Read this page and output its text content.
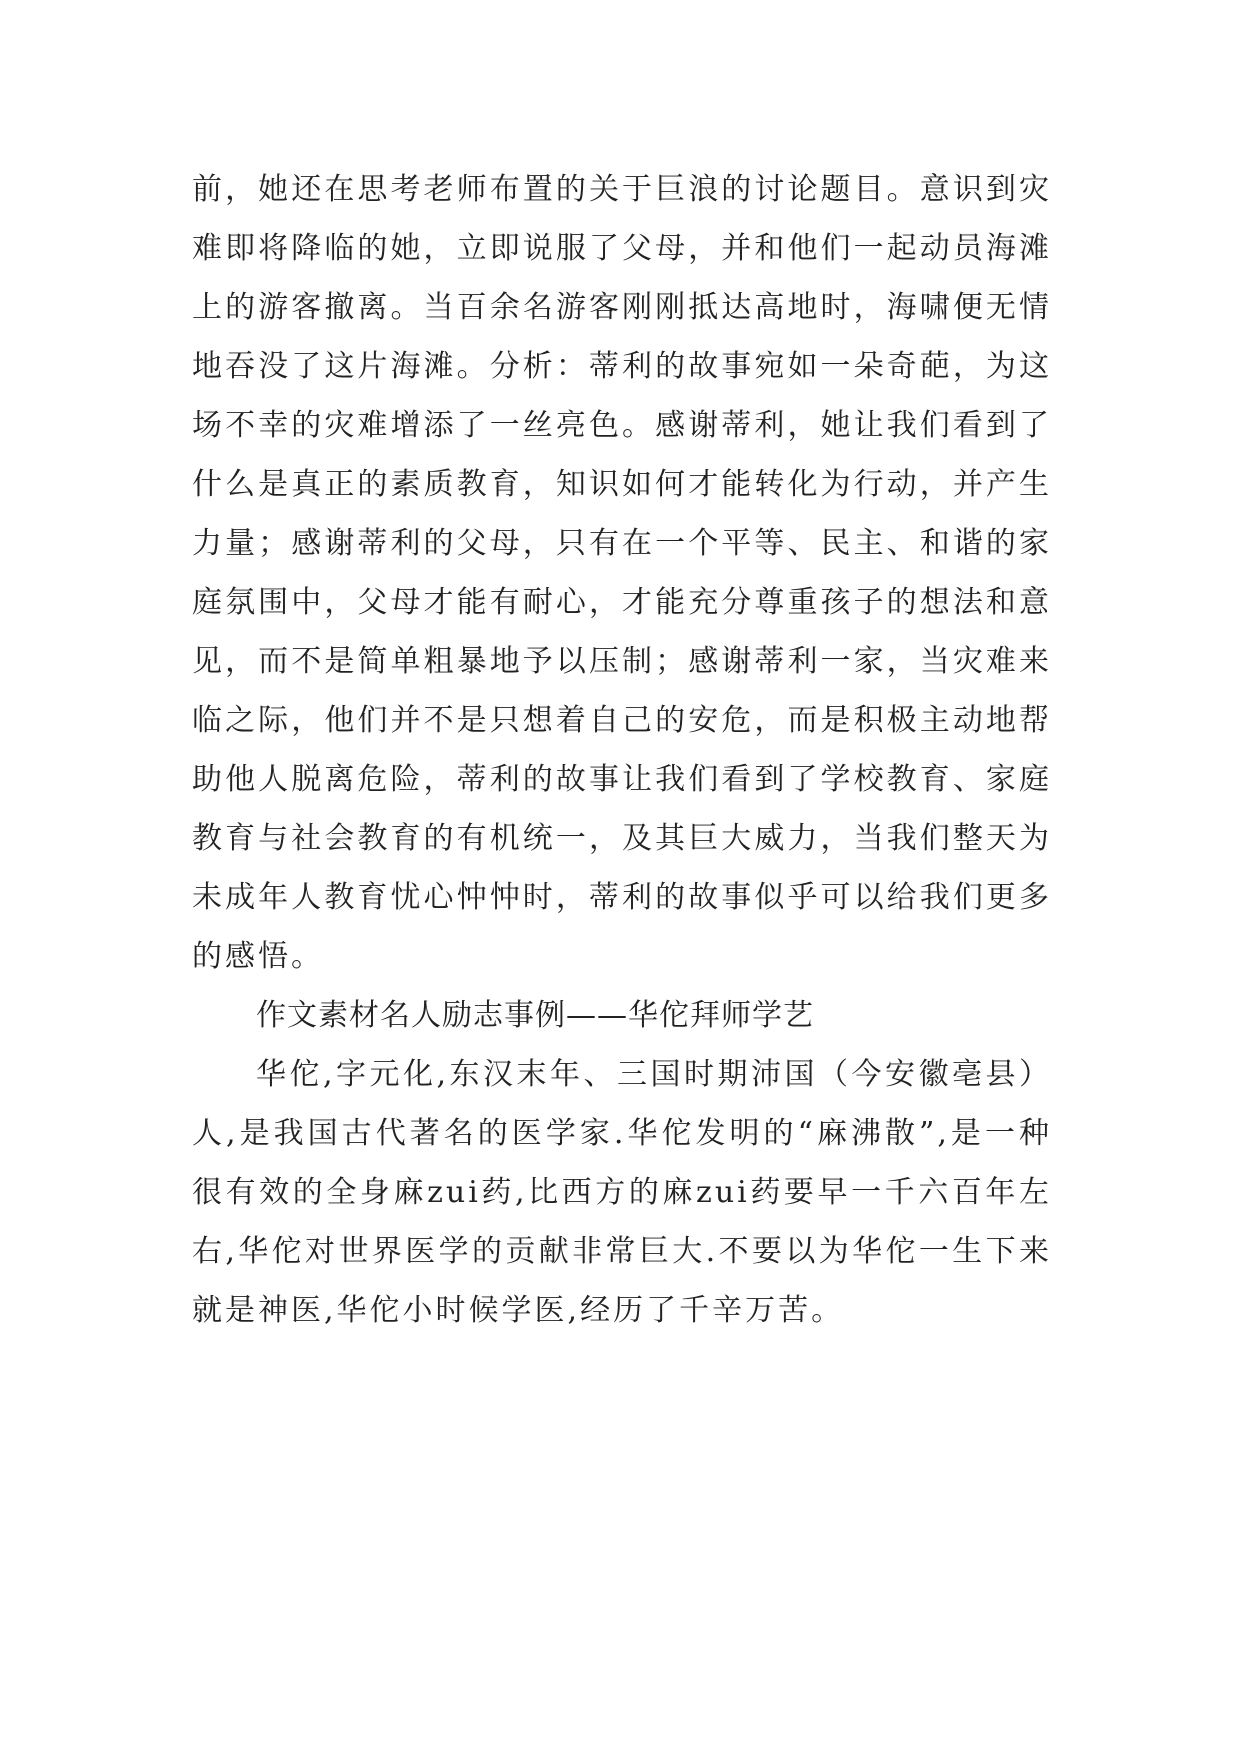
前，她还在思考老师布置的关于巨浪的讨论题目。意识到灾难即将降临的她，立即说服了父母，并和他们一起动员海滩上的游客撤离。当百余名游客刚刚抵达高地时，海啸便无情地吞没了这片海滩。分析：蒂利的故事宛如一朵奇葩，为这场不幸的灾难增添了一丝亮色。感谢蒂利，她让我们看到了什么是真正的素质教育，知识如何才能转化为行动，并产生力量；感谢蒂利的父母，只有在一个平等、民主、和谐的家庭氛围中，父母才能有耐心，才能充分尊重孩子的想法和意见，而不是简单粗暴地予以压制；感谢蒂利一家，当灾难来临之际，他们并不是只想着自己的安危，而是积极主动地帮助他人脱离危险，蒂利的故事让我们看到了学校教育、家庭教育与社会教育的有机统一，及其巨大威力，当我们整天为未成年人教育忧心忡忡时，蒂利的故事似乎可以给我们更多的感悟。

作文素材名人励志事例——华佗拜师学艺

华佗,字元化,东汉末年、三国时期沛国（今安徽亳县）人,是我国古代著名的医学家.华佗发明的“麻沸散”,是一种很有效的全身麻zui药,比西方的麻zui药要早一千六百年左右,华佗对世界医学的贡献非常巨大.不要以为华佗一生下来就是神医,华佗小时候学医,经历了千辛万苦。
